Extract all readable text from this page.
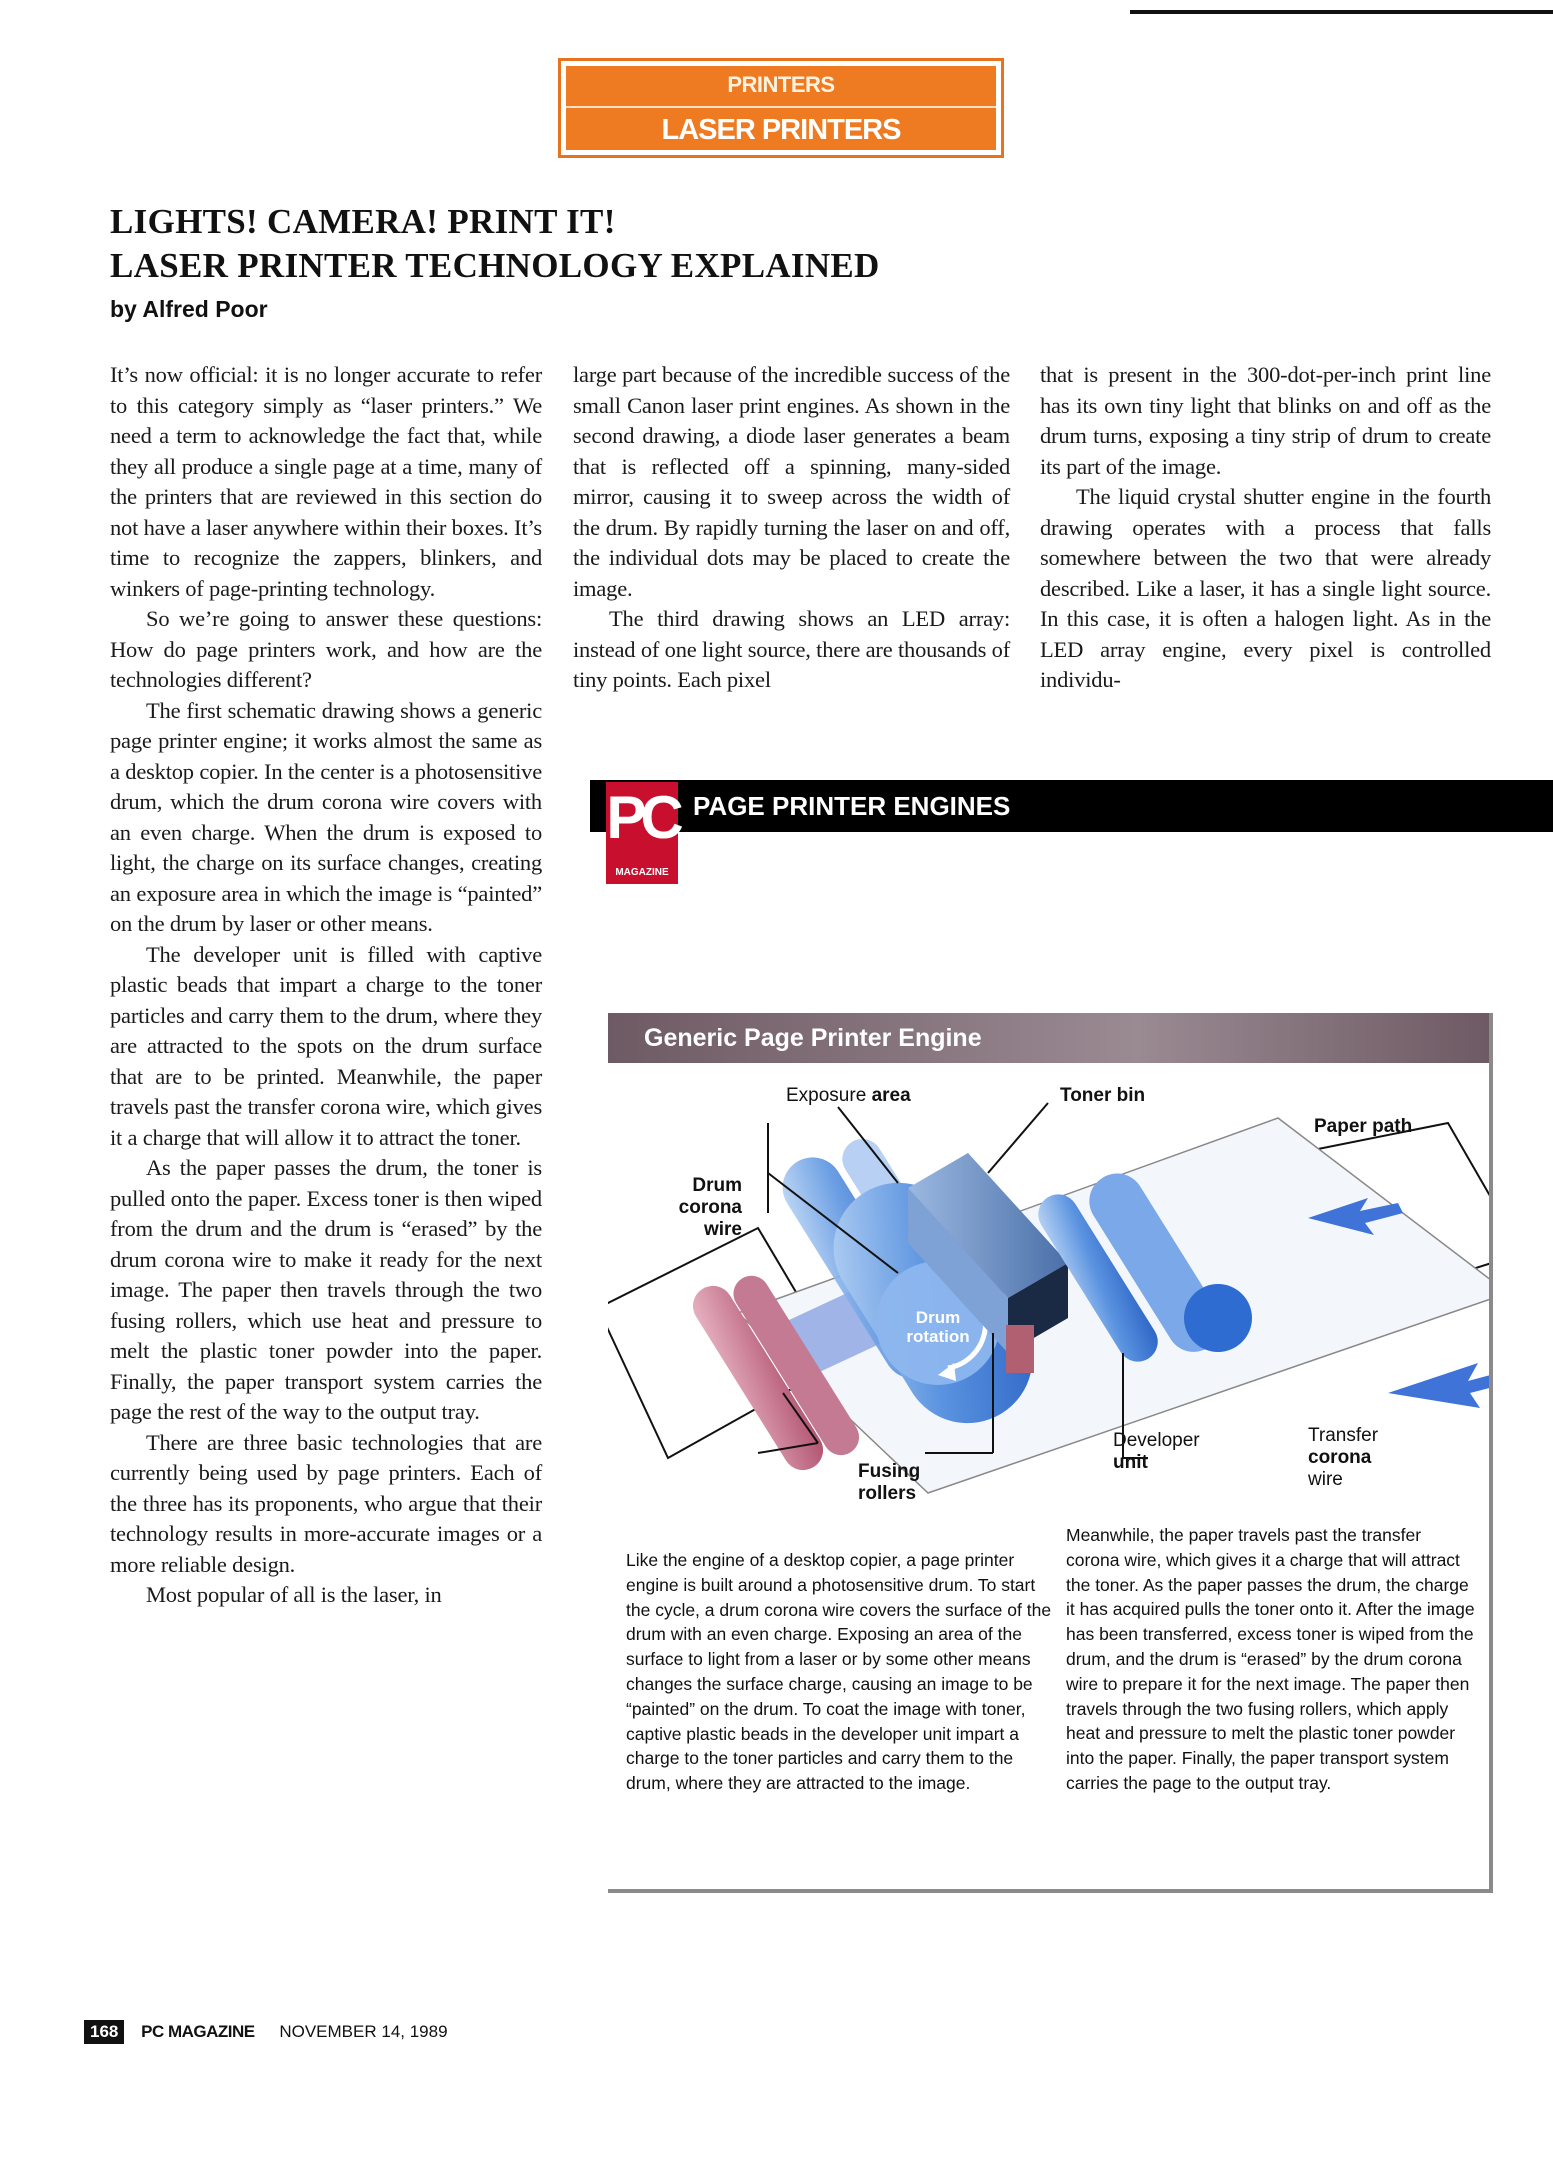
PRINTERS
LASER PRINTERS
LIGHTS! CAMERA! PRINT IT!
LASER PRINTER TECHNOLOGY EXPLAINED
by Alfred Poor

It’s now official: it is no longer accurate to refer to this category simply as “laser printers.” We need a term to acknowledge the fact that, while they all produce a single page at a time, many of the printers that are reviewed in this section do not have a laser anywhere within their boxes. It’s time to recognize the zappers, blinkers, and winkers of page-printing technology.

So we’re going to answer these questions: How do page printers work, and how are the technologies different?

The first schematic drawing shows a generic page printer engine; it works almost the same as a desktop copier. In the center is a photosensitive drum, which the drum corona wire covers with an even charge. When the drum is exposed to light, the charge on its surface changes, creating an exposure area in which the image is “painted” on the drum by laser or other means.

The developer unit is filled with captive plastic beads that impart a charge to the toner particles and carry them to the drum, where they are attracted to the spots on the drum surface that are to be printed. Meanwhile, the paper travels past the transfer corona wire, which gives it a charge that will allow it to attract the toner.

As the paper passes the drum, the toner is pulled onto the paper. Excess toner is then wiped from the drum and the drum is “erased” by the drum corona wire to make it ready for the next image. The paper then travels through the two fusing rollers, which use heat and pressure to melt the plastic toner powder into the paper. Finally, the paper transport system carries the page the rest of the way to the output tray.

There are three basic technologies that are currently being used by page printers. Each of the three has its proponents, who argue that their technology results in more-accurate images or a more reliable design.

Most popular of all is the laser, in

large part because of the incredible success of the small Canon laser print engines. As shown in the second drawing, a diode laser generates a beam that is reflected off a spinning, many-sided mirror, causing it to sweep across the width of the drum. By rapidly turning the laser on and off, the individual dots may be placed to create the image.

The third drawing shows an LED array: instead of one light source, there are thousands of tiny points. Each pixel

that is present in the 300-dot-per-inch print line has its own tiny light that blinks on and off as the drum turns, exposing a tiny strip of drum to create its part of the image.

The liquid crystal shutter engine in the fourth drawing operates with a process that falls somewhere between the two that were already described. Like a laser, it has a single light source. In this case, it is often a halogen light. As in the LED array engine, every pixel is controlled individu-

PAGE PRINTER ENGINES
PC
MAGAZINE
Generic Page Printer Engine
Exposure area	Toner bin
Paper path
Drum
corona
wire
Drum
rotation
Fusing
rollers
Developer
unit
Transfer
corona
wire
Like the engine of a desktop copier, a page printer engine is built around a photosensitive drum. To start the cycle, a drum corona wire covers the surface of the drum with an even charge. Exposing an area of the surface to light from a laser or by some other means changes the surface charge, causing an image to be “painted” on the drum. To coat the image with toner, captive plastic beads in the developer unit impart a charge to the toner particles and carry them to the drum, where they are attracted to the image.
Meanwhile, the paper travels past the transfer corona wire, which gives it a charge that will attract the toner. As the paper passes the drum, the charge it has acquired pulls the toner onto it. After the image has been transferred, excess toner is wiped from the drum, and the drum is “erased” by the drum corona wire to prepare it for the next image. The paper then travels through the two fusing rollers, which apply heat and pressure to melt the plastic toner powder into the paper. Finally, the paper transport system carries the page to the output tray.
168 PC MAGAZINE NOVEMBER 14, 1989
